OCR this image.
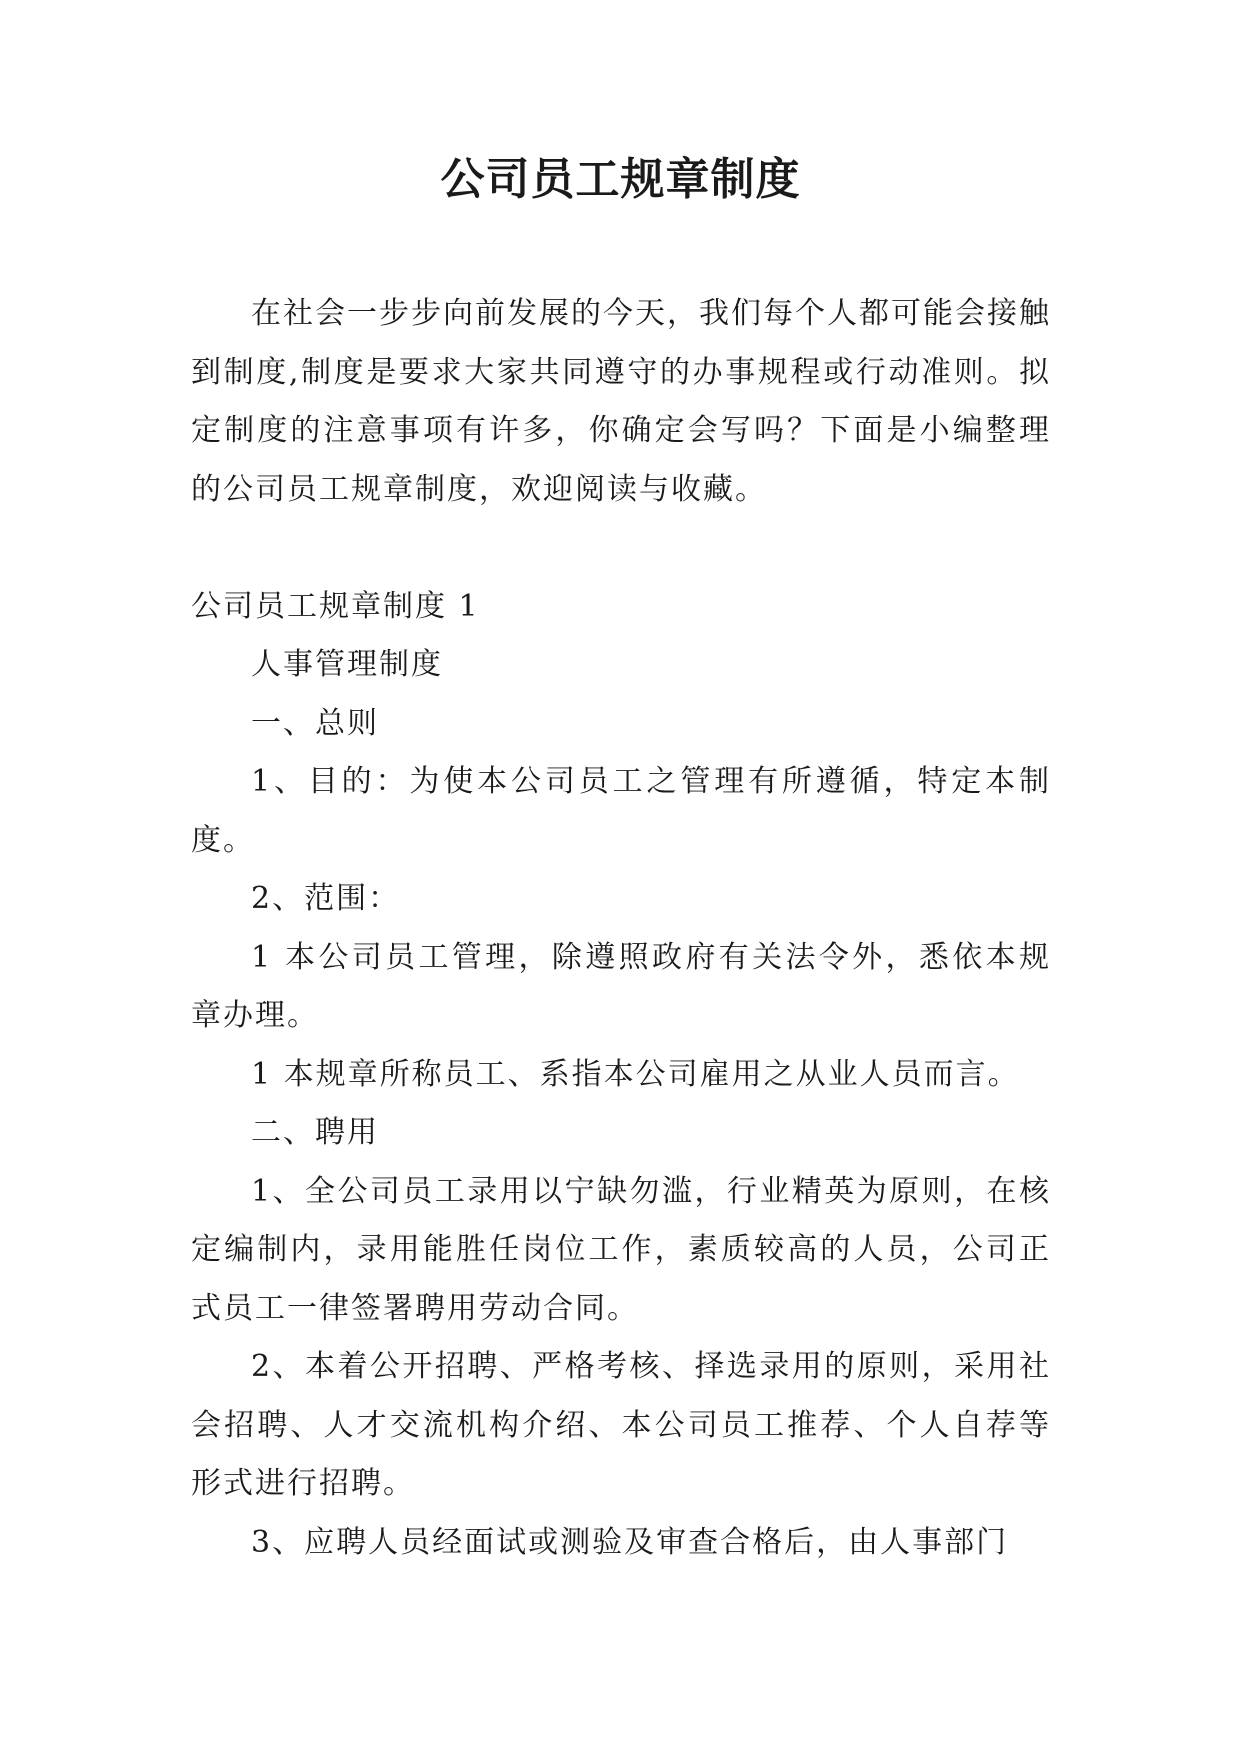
公司员工规章制度

在社会一步步向前发展的今天，我们每个人都可能会接触到制度,制度是要求大家共同遵守的办事规程或行动准则。拟定制度的注意事项有许多，你确定会写吗？下面是小编整理的公司员工规章制度，欢迎阅读与收藏。

公司员工规章制度 1

人事管理制度

一、总则

1、目的：为使本公司员工之管理有所遵循，特定本制度。

2、范围：

1 本公司员工管理，除遵照政府有关法令外，悉依本规章办理。

1 本规章所称员工、系指本公司雇用之从业人员而言。

二、聘用

1、全公司员工录用以宁缺勿滥，行业精英为原则，在核定编制内，录用能胜任岗位工作，素质较高的人员，公司正式员工一律签署聘用劳动合同。

2、本着公开招聘、严格考核、择选录用的原则，采用社会招聘、人才交流机构介绍、本公司员工推荐、个人自荐等形式进行招聘。

3、应聘人员经面试或测验及审查合格后，由人事部门
